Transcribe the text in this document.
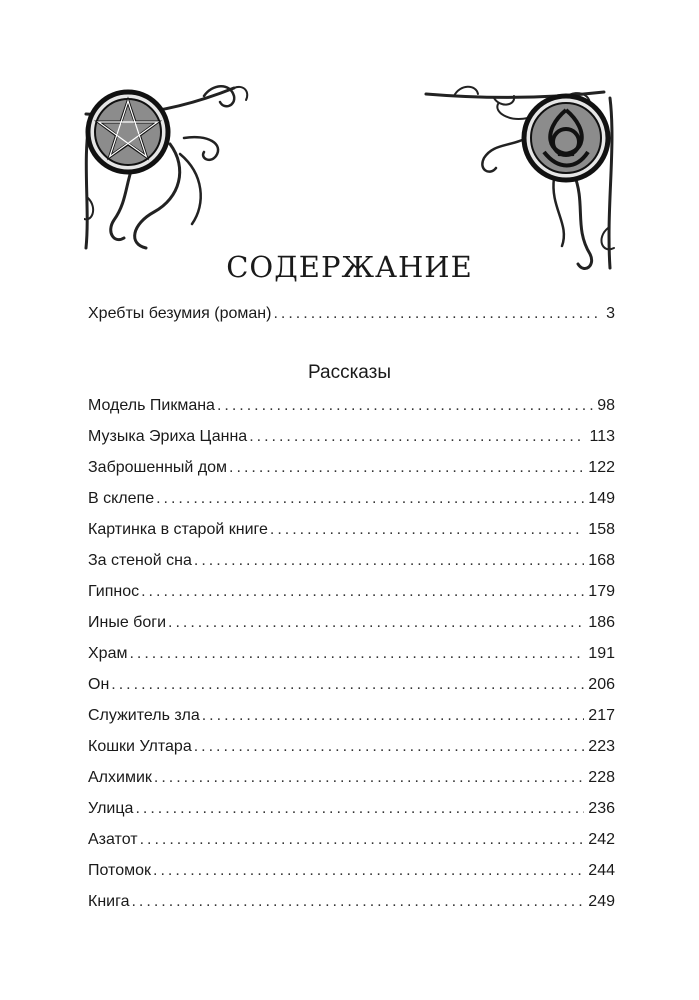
СОДЕРЖАНИЕ
Хребты безумия (роман) .....	3
Рассказы
Модель Пикмана .....	98
Музыка Эриха Цанна .....	113
Заброшенный дом .....	122
В склепе .....	149
Картинка в старой книге .....	158
За стеной сна .....	168
Гипнос .....	179
Иные боги .....	186
Храм .....	191
Он .....	206
Служитель зла .....	217
Кошки Ултара .....	223
Алхимик .....	228
Улица .....	236
Азатот .....	242
Потомок .....	244
Книга .....	249
